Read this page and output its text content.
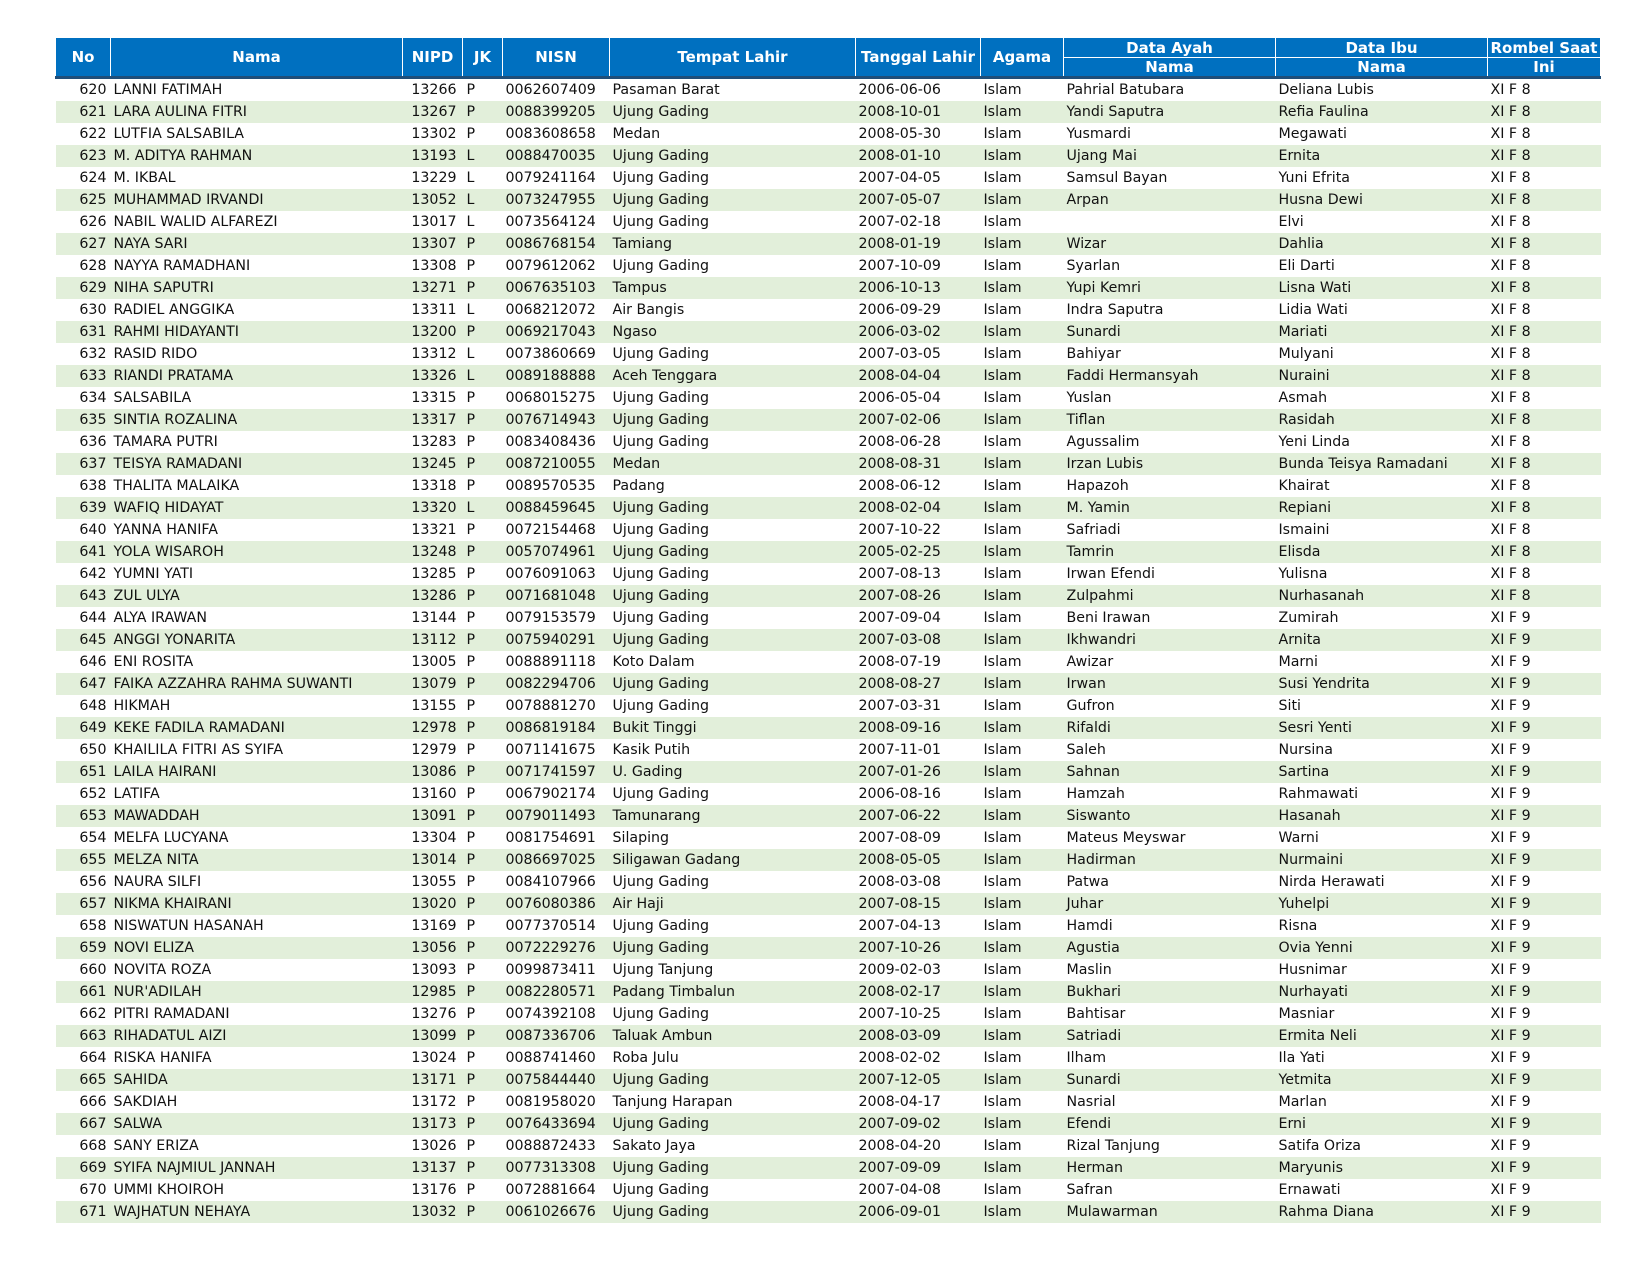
No	Nama	NIPD	JK	NISN	Tempat Lahir	Tanggal Lahir	Agama	Data Ayah	Data Ibu	Rombel Saat
								Nama	Nama	Ini
620	LANNI FATIMAH	13266	P	0062607409	Pasaman Barat	2006-06-06	Islam	Pahrial Batubara	Deliana Lubis	XI F 8
621	LARA AULINA FITRI	13267	P	0088399205	Ujung Gading	2008-10-01	Islam	Yandi Saputra	Refia Faulina	XI F 8
622	LUTFIA SALSABILA	13302	P	0083608658	Medan	2008-05-30	Islam	Yusmardi	Megawati	XI F 8
623	M. ADITYA RAHMAN	13193	L	0088470035	Ujung Gading	2008-01-10	Islam	Ujang Mai	Ernita	XI F 8
624	M. IKBAL	13229	L	0079241164	Ujung Gading	2007-04-05	Islam	Samsul Bayan	Yuni Efrita	XI F 8
625	MUHAMMAD IRVANDI	13052	L	0073247955	Ujung Gading	2007-05-07	Islam	Arpan	Husna Dewi	XI F 8
626	NABIL WALID ALFAREZI	13017	L	0073564124	Ujung Gading	2007-02-18	Islam		Elvi	XI F 8
627	NAYA SARI	13307	P	0086768154	Tamiang	2008-01-19	Islam	Wizar	Dahlia	XI F 8
628	NAYYA RAMADHANI	13308	P	0079612062	Ujung Gading	2007-10-09	Islam	Syarlan	Eli Darti	XI F 8
629	NIHA SAPUTRI	13271	P	0067635103	Tampus	2006-10-13	Islam	Yupi Kemri	Lisna Wati	XI F 8
630	RADIEL ANGGIKA	13311	L	0068212072	Air Bangis	2006-09-29	Islam	Indra Saputra	Lidia Wati	XI F 8
631	RAHMI HIDAYANTI	13200	P	0069217043	Ngaso	2006-03-02	Islam	Sunardi	Mariati	XI F 8
632	RASID RIDO	13312	L	0073860669	Ujung Gading	2007-03-05	Islam	Bahiyar	Mulyani	XI F 8
633	RIANDI PRATAMA	13326	L	0089188888	Aceh Tenggara	2008-04-04	Islam	Faddi Hermansyah	Nuraini	XI F 8
634	SALSABILA	13315	P	0068015275	Ujung Gading	2006-05-04	Islam	Yuslan	Asmah	XI F 8
635	SINTIA ROZALINA	13317	P	0076714943	Ujung Gading	2007-02-06	Islam	Tiflan	Rasidah	XI F 8
636	TAMARA PUTRI	13283	P	0083408436	Ujung Gading	2008-06-28	Islam	Agussalim	Yeni Linda	XI F 8
637	TEISYA RAMADANI	13245	P	0087210055	Medan	2008-08-31	Islam	Irzan Lubis	Bunda Teisya Ramadani	XI F 8
638	THALITA MALAIKA	13318	P	0089570535	Padang	2008-06-12	Islam	Hapazoh	Khairat	XI F 8
639	WAFIQ HIDAYAT	13320	L	0088459645	Ujung Gading	2008-02-04	Islam	M. Yamin	Repiani	XI F 8
640	YANNA HANIFA	13321	P	0072154468	Ujung Gading	2007-10-22	Islam	Safriadi	Ismaini	XI F 8
641	YOLA WISAROH	13248	P	0057074961	Ujung Gading	2005-02-25	Islam	Tamrin	Elisda	XI F 8
642	YUMNI YATI	13285	P	0076091063	Ujung Gading	2007-08-13	Islam	Irwan Efendi	Yulisna	XI F 8
643	ZUL ULYA	13286	P	0071681048	Ujung Gading	2007-08-26	Islam	Zulpahmi	Nurhasanah	XI F 8
644	ALYA IRAWAN	13144	P	0079153579	Ujung Gading	2007-09-04	Islam	Beni Irawan	Zumirah	XI F 9
645	ANGGI YONARITA	13112	P	0075940291	Ujung Gading	2007-03-08	Islam	Ikhwandri	Arnita	XI F 9
646	ENI ROSITA	13005	P	0088891118	Koto Dalam	2008-07-19	Islam	Awizar	Marni	XI F 9
647	FAIKA AZZAHRA RAHMA SUWANTI	13079	P	0082294706	Ujung Gading	2008-08-27	Islam	Irwan	Susi Yendrita	XI F 9
648	HIKMAH	13155	P	0078881270	Ujung Gading	2007-03-31	Islam	Gufron	Siti	XI F 9
649	KEKE FADILA RAMADANI	12978	P	0086819184	Bukit Tinggi	2008-09-16	Islam	Rifaldi	Sesri Yenti	XI F 9
650	KHAILILA FITRI AS SYIFA	12979	P	0071141675	Kasik Putih	2007-11-01	Islam	Saleh	Nursina	XI F 9
651	LAILA HAIRANI	13086	P	0071741597	U. Gading	2007-01-26	Islam	Sahnan	Sartina	XI F 9
652	LATIFA	13160	P	0067902174	Ujung Gading	2006-08-16	Islam	Hamzah	Rahmawati	XI F 9
653	MAWADDAH	13091	P	0079011493	Tamunarang	2007-06-22	Islam	Siswanto	Hasanah	XI F 9
654	MELFA LUCYANA	13304	P	0081754691	Silaping	2007-08-09	Islam	Mateus Meyswar	Warni	XI F 9
655	MELZA NITA	13014	P	0086697025	Siligawan Gadang	2008-05-05	Islam	Hadirman	Nurmaini	XI F 9
656	NAURA SILFI	13055	P	0084107966	Ujung Gading	2008-03-08	Islam	Patwa	Nirda Herawati	XI F 9
657	NIKMA KHAIRANI	13020	P	0076080386	Air Haji	2007-08-15	Islam	Juhar	Yuhelpi	XI F 9
658	NISWATUN HASANAH	13169	P	0077370514	Ujung Gading	2007-04-13	Islam	Hamdi	Risna	XI F 9
659	NOVI ELIZA	13056	P	0072229276	Ujung Gading	2007-10-26	Islam	Agustia	Ovia Yenni	XI F 9
660	NOVITA ROZA	13093	P	0099873411	Ujung Tanjung	2009-02-03	Islam	Maslin	Husnimar	XI F 9
661	NUR'ADILAH	12985	P	0082280571	Padang Timbalun	2008-02-17	Islam	Bukhari	Nurhayati	XI F 9
662	PITRI RAMADANI	13276	P	0074392108	Ujung Gading	2007-10-25	Islam	Bahtisar	Masniar	XI F 9
663	RIHADATUL AIZI	13099	P	0087336706	Taluak Ambun	2008-03-09	Islam	Satriadi	Ermita Neli	XI F 9
664	RISKA HANIFA	13024	P	0088741460	Roba Julu	2008-02-02	Islam	Ilham	Ila Yati	XI F 9
665	SAHIDA	13171	P	0075844440	Ujung Gading	2007-12-05	Islam	Sunardi	Yetmita	XI F 9
666	SAKDIAH	13172	P	0081958020	Tanjung Harapan	2008-04-17	Islam	Nasrial	Marlan	XI F 9
667	SALWA	13173	P	0076433694	Ujung Gading	2007-09-02	Islam	Efendi	Erni	XI F 9
668	SANY ERIZA	13026	P	0088872433	Sakato Jaya	2008-04-20	Islam	Rizal Tanjung	Satifa Oriza	XI F 9
669	SYIFA NAJMIUL JANNAH	13137	P	0077313308	Ujung Gading	2007-09-09	Islam	Herman	Maryunis	XI F 9
670	UMMI KHOIROH	13176	P	0072881664	Ujung Gading	2007-04-08	Islam	Safran	Ernawati	XI F 9
671	WAJHATUN NEHAYA	13032	P	0061026676	Ujung Gading	2006-09-01	Islam	Mulawarman	Rahma Diana	XI F 9
